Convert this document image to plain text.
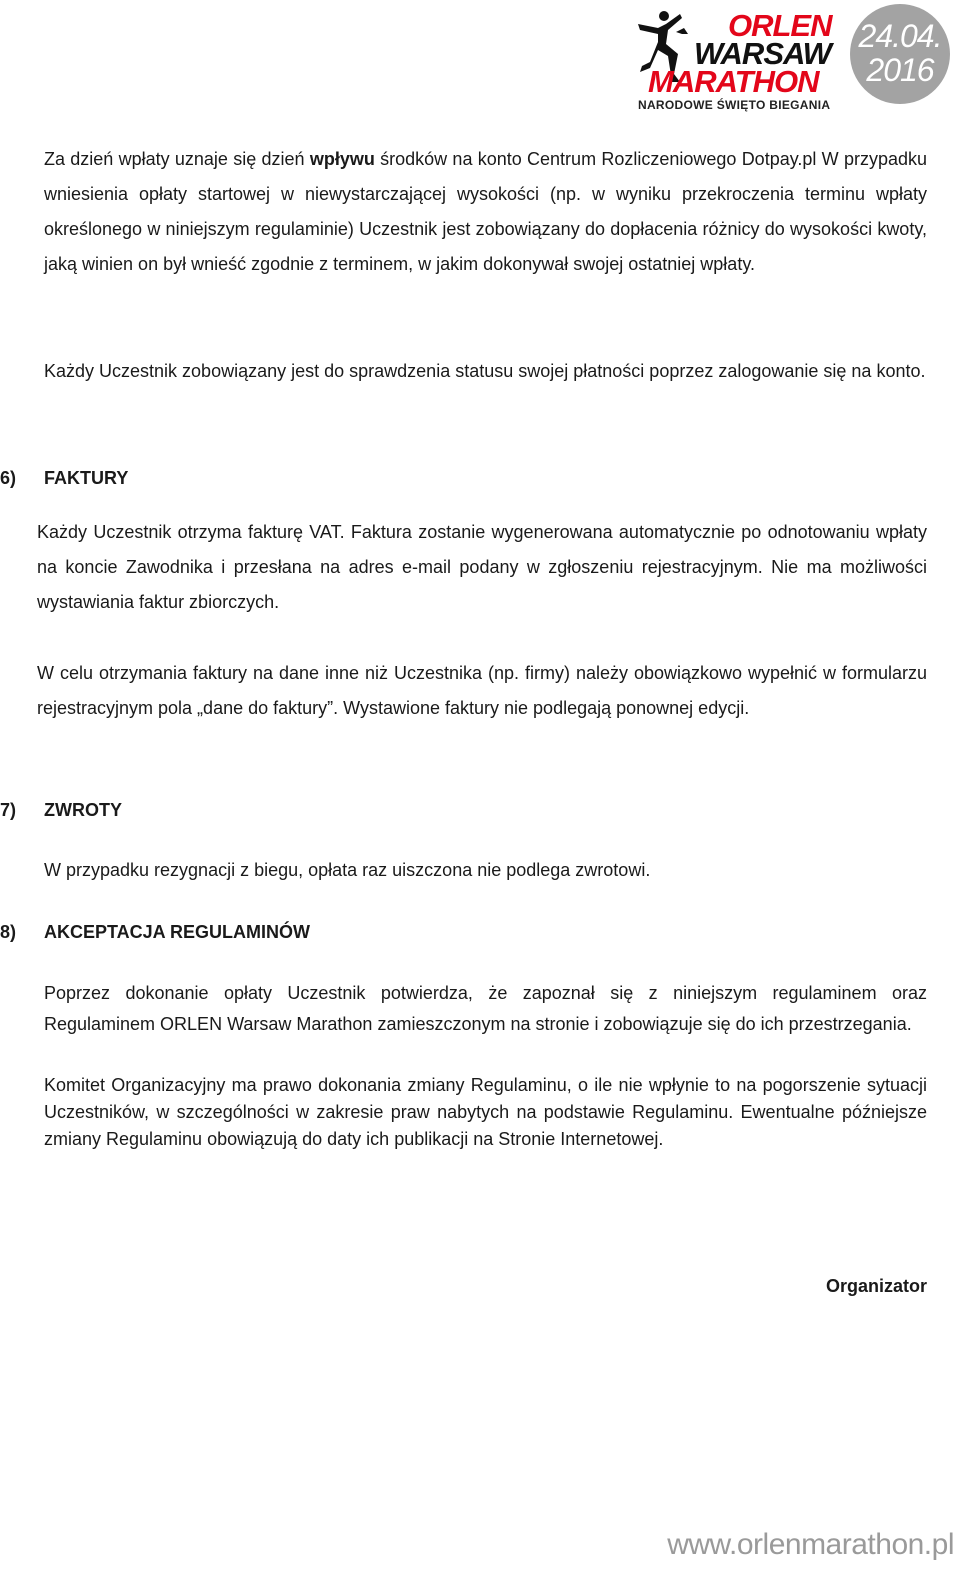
ORLEN
WARSAW
MARATHON
NARODOWE ŚWIĘTO BIEGANIA
24.04.
2016

Za dzień wpłaty uznaje się dzień wpływu środków na konto Centrum Rozliczeniowego Dotpay.pl W przypadku wniesienia opłaty startowej w niewystarczającej wysokości (np. w wyniku przekroczenia terminu wpłaty określonego w niniejszym regulaminie) Uczestnik jest zobowiązany do dopłacenia różnicy do wysokości kwoty, jaką winien on był wnieść zgodnie z terminem, w jakim dokonywał swojej ostatniej wpłaty.

Każdy Uczestnik zobowiązany jest do sprawdzenia statusu swojej płatności poprzez zalogowanie się na konto.

6) FAKTURY

Każdy Uczestnik otrzyma fakturę VAT. Faktura zostanie wygenerowana automatycznie po odnotowaniu wpłaty na koncie Zawodnika i przesłana na adres e-mail podany w zgłoszeniu rejestracyjnym. Nie ma możliwości wystawiania faktur zbiorczych.

W celu otrzymania faktury na dane inne niż Uczestnika (np. firmy) należy obowiązkowo wypełnić w formularzu rejestracyjnym pola „dane do faktury”. Wystawione faktury nie podlegają ponownej edycji.

7) ZWROTY

W przypadku rezygnacji z biegu, opłata raz uiszczona nie podlega zwrotowi.

8) AKCEPTACJA REGULAMINÓW

Poprzez dokonanie opłaty Uczestnik potwierdza, że zapoznał się z niniejszym regulaminem oraz Regulaminem ORLEN Warsaw Marathon zamieszczonym na stronie i zobowiązuje się do ich przestrzegania.

Komitet Organizacyjny ma prawo dokonania zmiany Regulaminu, o ile nie wpłynie to na pogorszenie sytuacji Uczestników, w szczególności w zakresie praw nabytych na podstawie Regulaminu. Ewentualne późniejsze zmiany Regulaminu obowiązują do daty ich publikacji na Stronie Internetowej.

Organizator
www.orlenmarathon.pl
